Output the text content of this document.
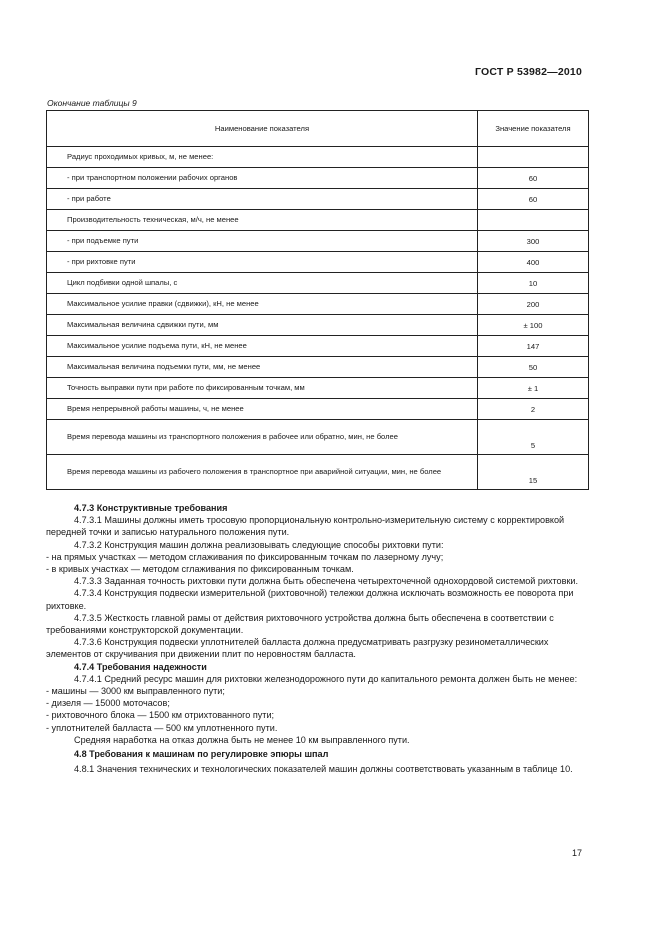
ГОСТ Р 53982—2010
Окончание таблицы 9
Наименование показателя	Значение показателя
Радиус проходимых кривых, м, не менее:	
- при транспортном положении рабочих органов	60
- при работе	60
Производительность техническая, м/ч, не менее	
- при подъемке пути	300
- при рихтовке пути	400
Цикл подбивки одной шпалы, с	10
Максимальное усилие правки (сдвижки), кН, не менее	200
Максимальная величина сдвижки пути, мм	± 100
Максимальное усилие подъема пути, кН, не менее	147
Максимальная величина подъемки пути, мм, не менее	50
Точность выправки пути при работе по фиксированным точкам, мм	± 1
Время непрерывной работы машины, ч, не менее	2
Время перевода машины из транспортного положения в рабочее или обратно, мин, не более	5
Время перевода машины из рабочего положения в транспортное при аварийной ситуации, мин, не более	15

4.7.3 Конструктивные требования

4.7.3.1 Машины должны иметь тросовую пропорциональную контрольно-измерительную систему с корректировкой передней точки и записью натурального положения пути.

4.7.3.2 Конструкция машин должна реализовывать следующие способы рихтовки пути:

- на прямых участках — методом сглаживания по фиксированным точкам по лазерному лучу;

- в кривых участках — методом сглаживания по фиксированным точкам.

4.7.3.3 Заданная точность рихтовки пути должна быть обеспечена четырехточечной однохордовой системой рихтовки.

4.7.3.4 Конструкция подвески измерительной (рихтовочной) тележки должна исключать возможность ее поворота при рихтовке.

4.7.3.5 Жесткость главной рамы от действия рихтовочного устройства должна быть обеспечена в соответствии с требованиями конструкторской документации.

4.7.3.6 Конструкция подвески уплотнителей балласта должна предусматривать разгрузку резинометаллических элементов от скручивания при движении плит по неровностям балласта.

4.7.4 Требования надежности

4.7.4.1 Средний ресурс машин для рихтовки железнодорожного пути до капитального ремонта должен быть не менее:

- машины — 3000 км выправленного пути;

- дизеля — 15000 моточасов;

- рихтовочного блока — 1500 км отрихтованного пути;

- уплотнителей балласта — 500 км уплотненного пути.

Средняя наработка на отказ должна быть не менее 10 км выправленного пути.

4.8 Требования к машинам по регулировке эпюры шпал

4.8.1 Значения технических и технологических показателей машин должны соответствовать указанным в таблице 10.

17
